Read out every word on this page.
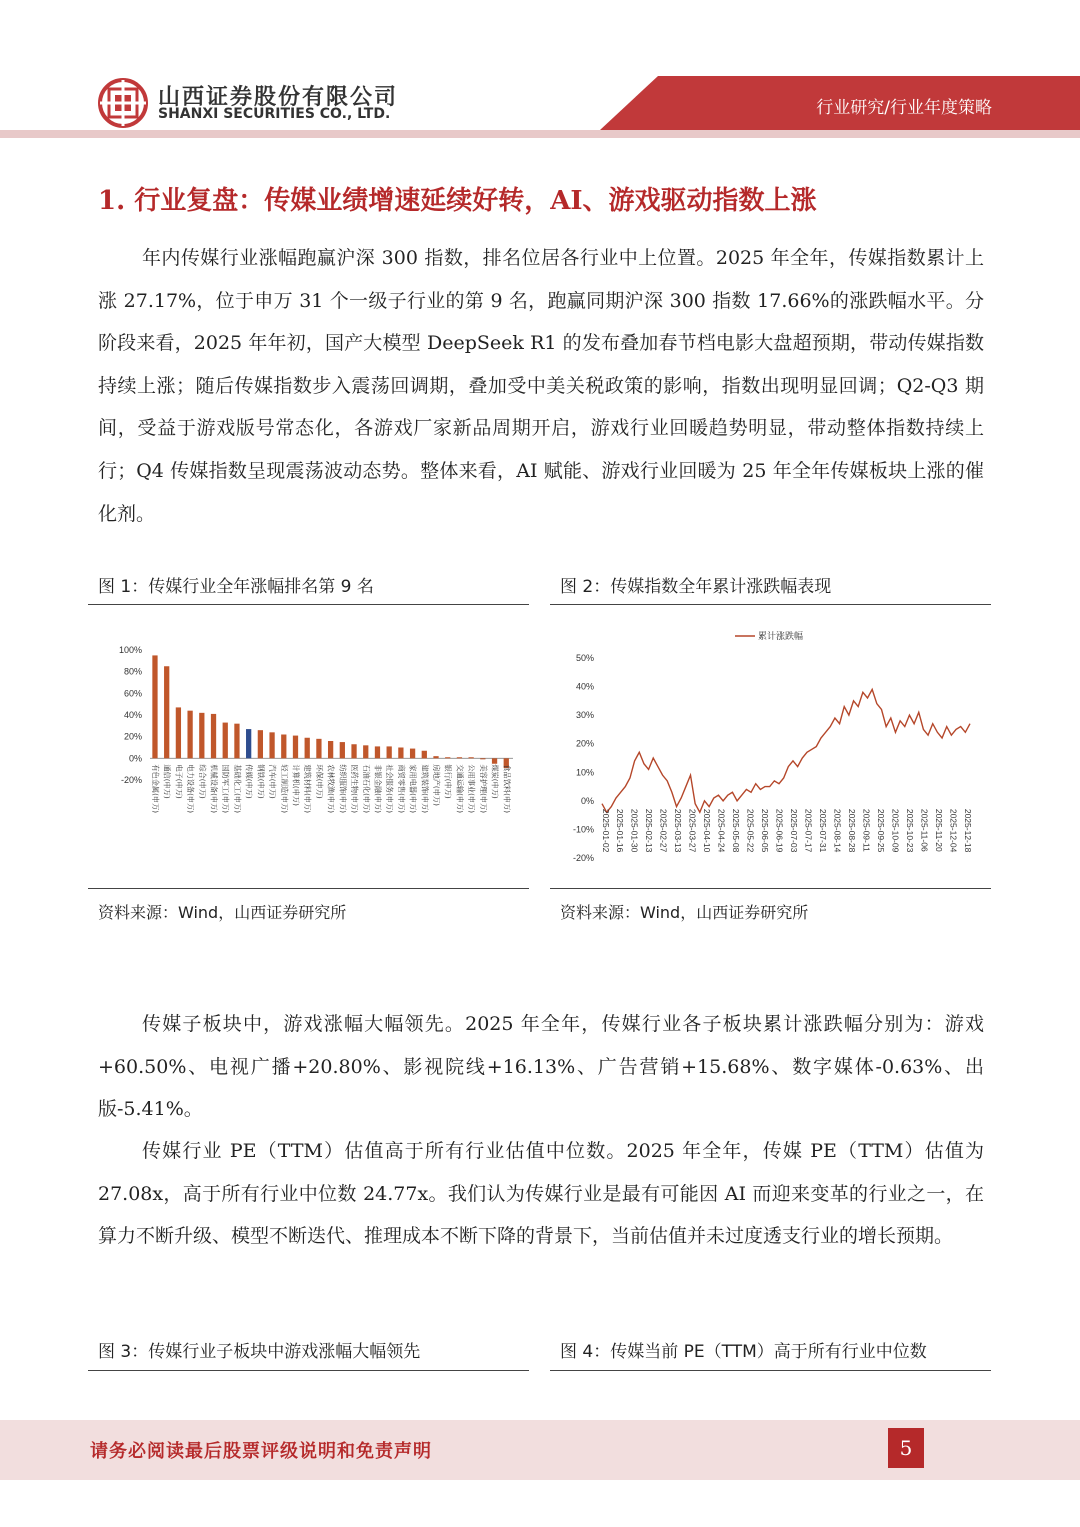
山西证券股份有限公司
SHANXI SECURITIES CO., LTD.	行业研究/行业年度策略
1. 行业复盘：传媒业绩增速延续好转，AI、游戏驱动指数上涨
年内传媒行业涨幅跑赢沪深 300 指数，排名位居各行业中上位置。2025 年全年，传媒指数累计上涨 27.17%，位于申万 31 个一级子行业的第 9 名，跑赢同期沪深 300 指数 17.66%的涨跌幅水平。分阶段来看，2025 年年初，国产大模型 DeepSeek R1 的发布叠加春节档电影大盘超预期，带动传媒指数持续上涨；随后传媒指数步入震荡回调期，叠加受中美关税政策的影响，指数出现明显回调；Q2-Q3 期间，受益于游戏版号常态化，各游戏厂家新品周期开启，游戏行业回暖趋势明显，带动整体指数持续上行；Q4 传媒指数呈现震荡波动态势。整体来看，AI 赋能、游戏行业回暖为 25 年全年传媒板块上涨的催化剂。
图 1：传媒行业全年涨幅排名第 9 名	图 2：传媒指数全年累计涨跌幅表现
100%
80%
60%
40%
20%
0%
-20% 有色金属(申万) 通信(申万) 电子(申万) 电力设备(申万) 综合(申万) 机械设备(申万) 国防军工(申万) 基础化工(申万) 传媒(申万) 钢铁(申万) 汽车(申万) 轻工制造(申万) 计算机(申万) 建筑材料(申万) 环保(申万) 农林牧渔(申万) 纺织服饰(申万) 医药生物(申万) 石油石化(申万) 非银金融(申万) 社会服务(申万) 商贸零售(申万) 家用电器(申万) 建筑装饰(申万) 房地产(申万) 银行(申万) 交通运输(申万) 公用事业(申万) 美容护理(申万) 煤炭(申万) 食品饮料(申万)
50%
40%
30%
20%
10%
0%
-10%
-20%
累计涨跌幅
2025-01-02 2025-01-16 2025-01-30 2025-02-13 2025-02-27 2025-03-13 2025-03-27 2025-04-10 2025-04-24 2025-05-08 2025-05-22 2025-06-05 2025-06-19 2025-07-03 2025-07-17 2025-07-31 2025-08-14 2025-08-28 2025-09-11 2025-09-25 2025-10-09 2025-10-23 2025-11-06 2025-11-20 2025-12-04 2025-12-18
资料来源：Wind，山西证券研究所	资料来源：Wind，山西证券研究所
传媒子板块中，游戏涨幅大幅领先。2025 年全年，传媒行业各子板块累计涨跌幅分别为：游戏+60.50%、电视广播+20.80%、影视院线+16.13%、广告营销+15.68%、数字媒体-0.63%、出版-5.41%。
传媒行业 PE（TTM）估值高于所有行业估值中位数。2025 年全年，传媒 PE（TTM）估值为 27.08x，高于所有行业中位数 24.77x。我们认为传媒行业是最有可能因 AI 而迎来变革的行业之一，在算力不断升级、模型不断迭代、推理成本不断下降的背景下，当前估值并未过度透支行业的增长预期。
图 3：传媒行业子板块中游戏涨幅大幅领先	图 4：传媒当前 PE（TTM）高于所有行业中位数
请务必阅读最后股票评级说明和免责声明	5
